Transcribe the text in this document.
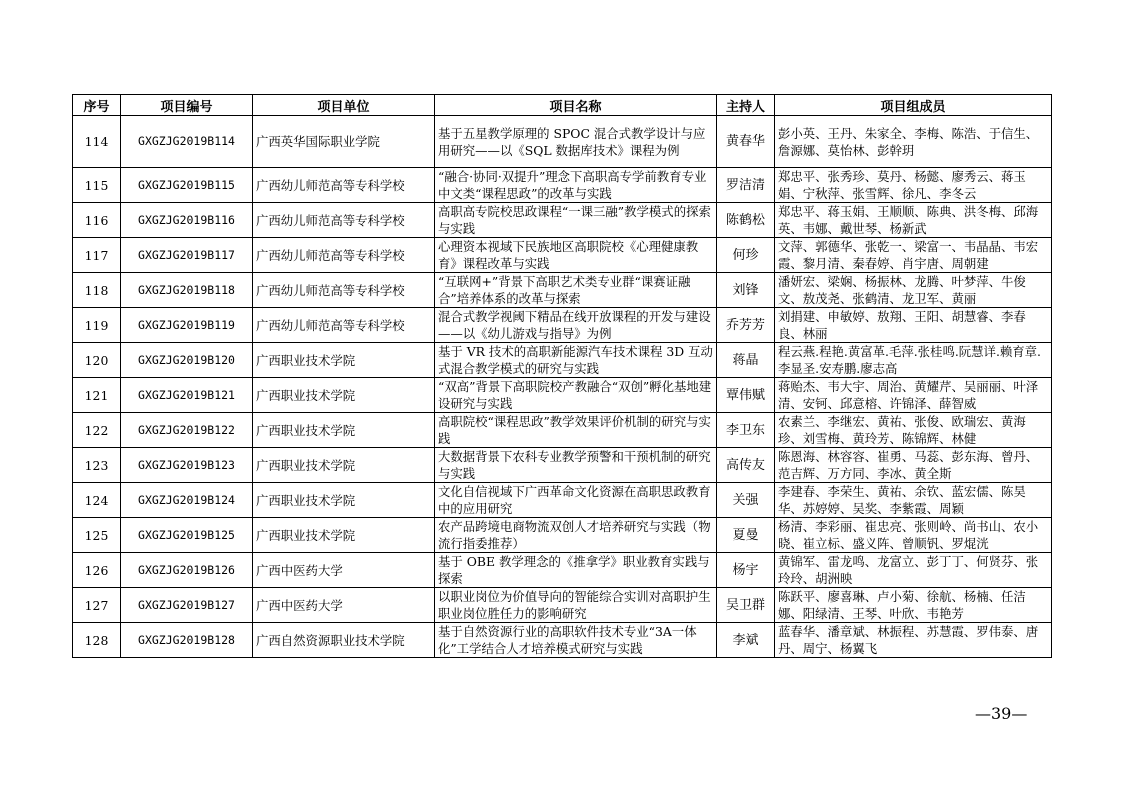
序号	项目编号	项目单位	项目名称	主持人	项目组成员
114	GXGZJG2019B114	广西英华国际职业学院	基于五星教学原理的 SPOC 混合式教学设计与应用研究——以《SQL 数据库技术》课程为例	黄春华	彭小英、王丹、朱家全、李梅、陈浩、于信生、詹源娜、莫怡林、彭幹玥
115	GXGZJG2019B115	广西幼儿师范高等专科学校	“融合·协同·双提升”理念下高职高专学前教育专业中文类“课程思政”的改革与实践	罗洁清	郑忠平、张秀珍、莫丹、杨懿、廖秀云、蒋玉娟、宁秋萍、张雪辉、徐凡、李冬云
116	GXGZJG2019B116	广西幼儿师范高等专科学校	高职高专院校思政课程“一课三融”教学模式的探索与实践	陈鹤松	郑忠平、蒋玉娟、王顺顺、陈典、洪冬梅、邱海英、韦娜、戴世琴、杨新武
117	GXGZJG2019B117	广西幼儿师范高等专科学校	心理资本视域下民族地区高职院校《心理健康教育》课程改革与实践	何珍	文萍、郭德华、张乾一、梁富一、韦晶晶、韦宏霞、黎月清、秦春婷、肖宇唐、周朝建
118	GXGZJG2019B118	广西幼儿师范高等专科学校	“互联网+”背景下高职艺术类专业群“课赛证融合”培养体系的改革与探索	刘锋	潘妍宏、梁娴、杨振林、龙腾、叶梦萍、牛俊文、敖茂尧、张鹤清、龙卫军、黄丽
119	GXGZJG2019B119	广西幼儿师范高等专科学校	混合式教学视阈下精品在线开放课程的开发与建设——以《幼儿游戏与指导》为例	乔芳芳	刘捐建、申敏婷、敖翔、王阳、胡慧睿、李春良、林丽
120	GXGZJG2019B120	广西职业技术学院	基于 VR 技术的高职新能源汽车技术课程 3D 互动式混合教学模式的研究与实践	蒋晶	程云燕.程艳.黄富革.毛萍.张桂鸣.阮慧详.赖育章.李显圣.安寿鹏.廖志高
121	GXGZJG2019B121	广西职业技术学院	“双高”背景下高职院校产教融合“双创”孵化基地建设研究与实践	覃伟赋	蒋贻杰、韦大宇、周治、黄耀芹、吴丽丽、叶泽清、安钶、邱意榕、许锦泽、薛智威
122	GXGZJG2019B122	广西职业技术学院	高职院校“课程思政”教学效果评价机制的研究与实践	李卫东	农素兰、李继宏、黄祐、张俊、欧瑞宏、黄海珍、刘雪梅、黄玲芳、陈锦辉、林健
123	GXGZJG2019B123	广西职业技术学院	大数据背景下农科专业教学预警和干预机制的研究与实践	高传友	陈恩海、林容容、崔勇、马蕊、彭东海、曾丹、范吉辉、万方同、李冰、黄全斯
124	GXGZJG2019B124	广西职业技术学院	文化自信视域下广西革命文化资源在高职思政教育中的应用研究	关强	李建春、李荣生、黄祐、余钦、蓝宏儒、陈昊华、苏婷婷、吴奖、李紫霞、周颖
125	GXGZJG2019B125	广西职业技术学院	农产品跨境电商物流双创人才培养研究与实践（物流行指委推荐）	夏曼	杨清、李彩丽、崔忠亮、张则岭、尚书山、农小晓、崔立标、盛义阵、曾顺钒、罗焜洸
126	GXGZJG2019B126	广西中医药大学	基于 OBE 教学理念的《推拿学》职业教育实践与探索	杨宇	黄锦军、雷龙鸣、龙富立、彭丁丁、何贤芬、张玲玲、胡洲映
127	GXGZJG2019B127	广西中医药大学	以职业岗位为价值导向的智能综合实训对高职护生职业岗位胜任力的影响研究	吴卫群	陈跃平、廖喜琳、卢小菊、徐航、杨楠、任洁娜、阳绿清、王琴、叶欣、韦艳芳
128	GXGZJG2019B128	广西自然资源职业技术学院	基于自然资源行业的高职软件技术专业“3A一体化”工学结合人才培养模式研究与实践	李斌	蓝春华、潘章斌、林振程、苏慧霞、罗伟泰、唐丹、周宁、杨翼飞
—39—
